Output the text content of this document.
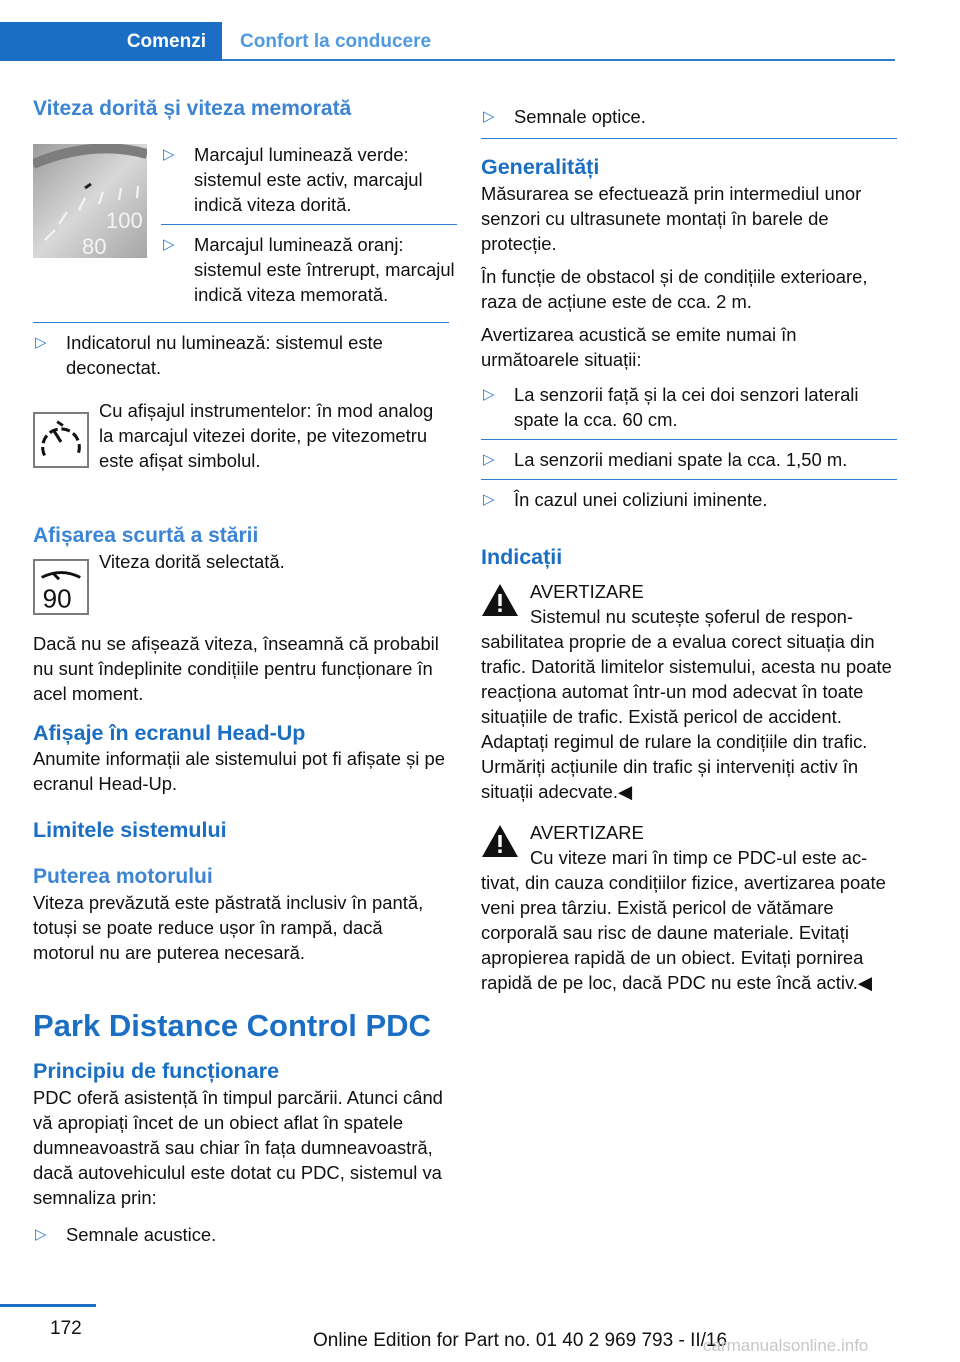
Comenzi	Confort la conducere
Viteza dorită și viteza memorată
100
80
▷ Marcajul luminează verde: sistemul este activ, marcajul indică viteza dorită.
▷ Marcajul luminează oranj: sistemul este întrerupt, marcajul indică viteza memorată.
▷ Indicatorul nu luminează: sistemul este deconectat.

Cu afișajul instrumentelor: în mod analog la marcajul vitezei dorite, pe vitezometru este afișat simbolul.

Afișarea scurtă a stării
90

Viteza dorită selectată.

Dacă nu se afișează viteza, înseamnă că probabil nu sunt îndeplinite condițiile pentru funcționare în acel moment.

Afișaje în ecranul Head-Up

Anumite informații ale sistemului pot fi afișate și pe ecranul Head-Up.

Limitele sistemului
Puterea motorului

Viteza prevăzută este păstrată inclusiv în pantă, totuși se poate reduce ușor în rampă, dacă motorul nu are puterea necesară.

Park Distance Control PDC
Principiu de funcționare

PDC oferă asistență în timpul parcării. Atunci când vă apropiați încet de un obiect aflat în spatele dumneavoastră sau chiar în fața dumneavoastră, dacă autovehiculul este dotat cu PDC, sistemul va semnaliza prin:

▷ Semnale acustice.
▷ Semnale optice.
Generalități

Măsurarea se efectuează prin intermediul unor senzori cu ultrasunete montați în barele de protecție.

În funcție de obstacol și de condițiile exterioare, raza de acțiune este de cca. 2 m.

Avertizarea acustică se emite numai în următoarele situații:

▷ La senzorii față și la cei doi senzori laterali spate la cca. 60 cm.
▷ La senzorii mediani spate la cca. 1,50 m.
▷ În cazul unei coliziuni iminente.
Indicații

AVERTIZARE

Sistemul nu scutește șoferul de respon-

sabilitatea proprie de a evalua corect situația din trafic. Datorită limitelor sistemului, acesta nu poate reacționa automat într-un mod adecvat în toate situațiile de trafic. Există pericol de accident. Adaptați regimul de rulare la condițiile din trafic. Urmăriți acțiunile din trafic și interveniți activ în situații adecvate.◀

AVERTIZARE

Cu viteze mari în timp ce PDC-ul este ac-

tivat, din cauza condițiilor fizice, avertizarea poate veni prea târziu. Există pericol de vătămare corporală sau risc de daune materiale. Evitați apropierea rapidă de un obiect. Evitați pornirea rapidă de pe loc, dacă PDC nu este încă activ.◀

172
Online Edition for Part no. 01 40 2 969 793 - II/16
carmanualsonline.info
